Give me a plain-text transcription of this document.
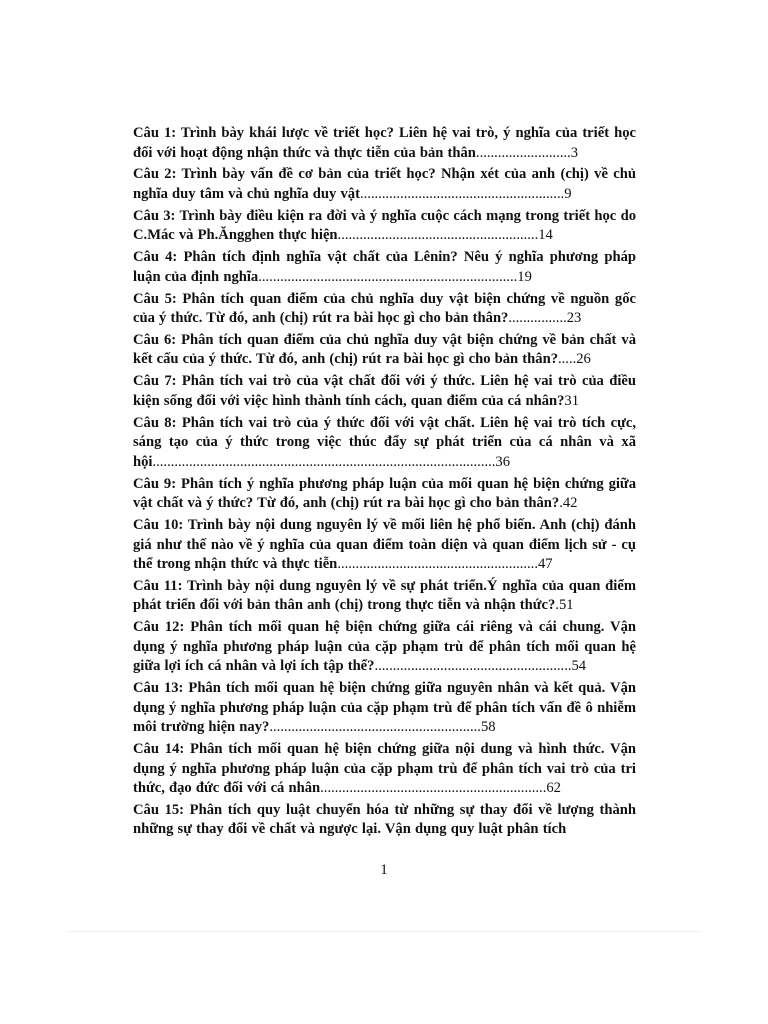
Câu 1: Trình bày khái lược về triết học? Liên hệ vai trò, ý nghĩa của triết học đối với hoạt động nhận thức và thực tiễn của bản thân..........................3
Câu 2: Trình bày vấn đề cơ bản của triết học? Nhận xét của anh (chị) về chủ nghĩa duy tâm và chủ nghĩa duy vật........................................................9
Câu 3: Trình bày điều kiện ra đời và ý nghĩa cuộc cách mạng trong triết học do C.Mác và Ph.Ăngghen thực hiện.......................................................14
Câu 4: Phân tích định nghĩa vật chất của Lênin? Nêu ý nghĩa phương pháp luận của định nghĩa.......................................................................19
Câu 5: Phân tích quan điểm của chủ nghĩa duy vật biện chứng về nguồn gốc của ý thức. Từ đó, anh (chị) rút ra bài học gì cho bản thân?................23
Câu 6: Phân tích quan điểm của chủ nghĩa duy vật biện chứng về bản chất và kết cấu của ý thức. Từ đó, anh (chị) rút ra bài học gì cho bản thân?.....26
Câu 7: Phân tích vai trò của vật chất đối với ý thức. Liên hệ vai trò của điều kiện sống đối với việc hình thành tính cách, quan điểm của cá nhân?31
Câu 8: Phân tích vai trò của ý thức đối với vật chất. Liên hệ vai trò tích cực, sáng tạo của ý thức trong việc thúc đẩy sự phát triển của cá nhân và xã hội..............................................................................................36
Câu 9: Phân tích ý nghĩa phương pháp luận của mối quan hệ biện chứng giữa vật chất và ý thức? Từ đó, anh (chị) rút ra bài học gì cho bản thân?.42
Câu 10: Trình bày nội dung nguyên lý về mối liên hệ phổ biến. Anh (chị) đánh giá như thế nào về ý nghĩa của quan điểm toàn diện và quan điểm lịch sử - cụ thể trong nhận thức và thực tiễn.......................................................47
Câu 11: Trình bày nội dung nguyên lý về sự phát triển.Ý nghĩa của quan điểm phát triển đối với bản thân anh (chị) trong thực tiễn và nhận thức?.51
Câu 12: Phân tích mối quan hệ biện chứng giữa cái riêng và cái chung. Vận dụng ý nghĩa phương pháp luận của cặp phạm trù để phân tích mối quan hệ giữa lợi ích cá nhân và lợi ích tập thể?......................................................54
Câu 13: Phân tích mối quan hệ biện chứng giữa nguyên nhân và kết quả. Vận dụng ý nghĩa phương pháp luận của cặp phạm trù để phân tích vấn đề ô nhiễm môi trường hiện nay?..........................................................58
Câu 14: Phân tích mối quan hệ biện chứng giữa nội dung và hình thức. Vận dụng ý nghĩa phương pháp luận của cặp phạm trù để phân tích vai trò của tri thức, đạo đức đối với cá nhân..............................................................62
Câu 15: Phân tích quy luật chuyển hóa từ những sự thay đổi về lượng thành những sự thay đổi về chất và ngược lại. Vận dụng quy luật phân tích
1
